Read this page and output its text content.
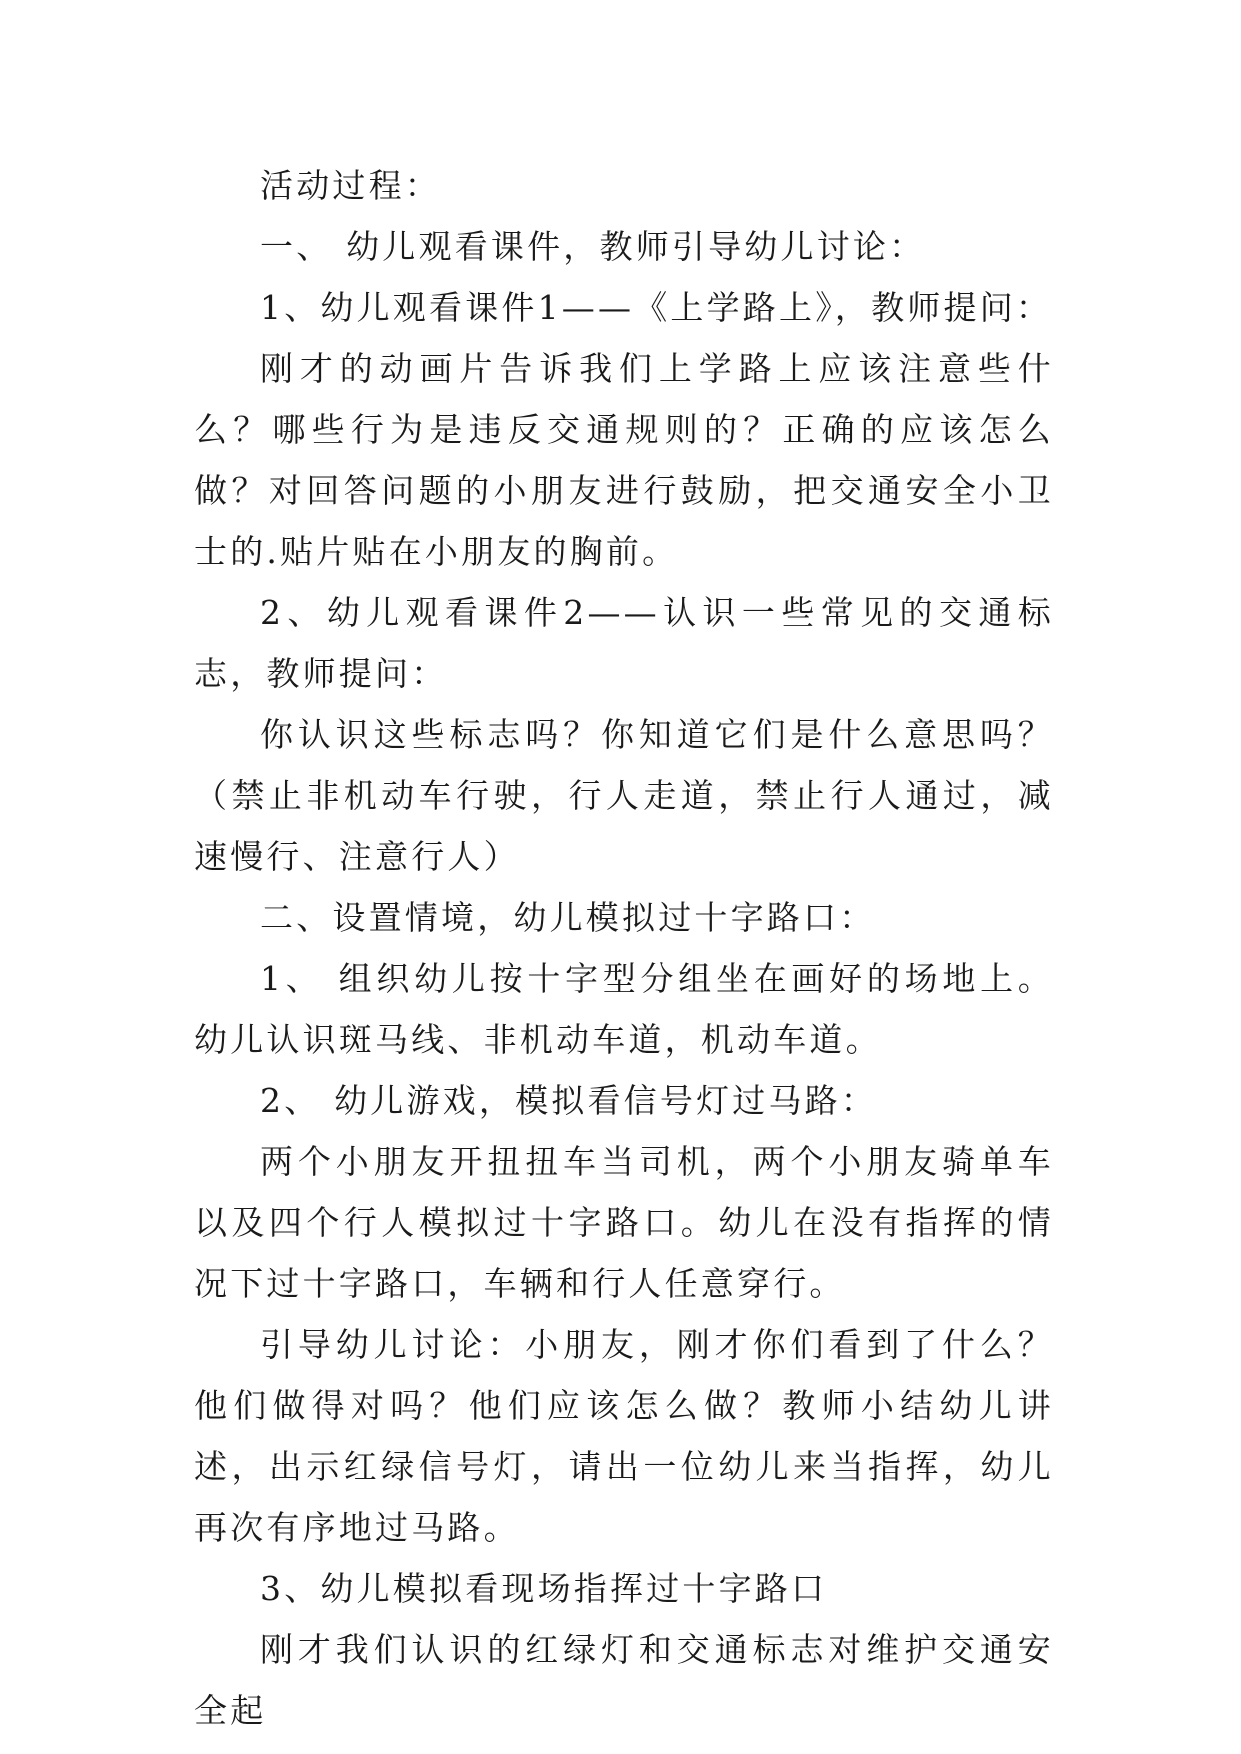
活动过程：

一、 幼儿观看课件，教师引导幼儿讨论：

1、幼儿观看课件1——《上学路上》，教师提问：

刚才的动画片告诉我们上学路上应该注意些什么？哪些行为是违反交通规则的？正确的应该怎么做？对回答问题的小朋友进行鼓励，把交通安全小卫士的.贴片贴在小朋友的胸前。

2、幼儿观看课件2——认识一些常见的交通标志，教师提问：

你认识这些标志吗？你知道它们是什么意思吗？（禁止非机动车行驶，行人走道，禁止行人通过，减速慢行、注意行人）

二、设置情境，幼儿模拟过十字路口：

1、 组织幼儿按十字型分组坐在画好的场地上。幼儿认识斑马线、非机动车道，机动车道。

2、 幼儿游戏，模拟看信号灯过马路：

两个小朋友开扭扭车当司机，两个小朋友骑单车以及四个行人模拟过十字路口。幼儿在没有指挥的情况下过十字路口，车辆和行人任意穿行。

引导幼儿讨论：小朋友，刚才你们看到了什么？他们做得对吗？他们应该怎么做？教师小结幼儿讲述，出示红绿信号灯，请出一位幼儿来当指挥，幼儿再次有序地过马路。

3、幼儿模拟看现场指挥过十字路口

刚才我们认识的红绿灯和交通标志对维护交通安全起
